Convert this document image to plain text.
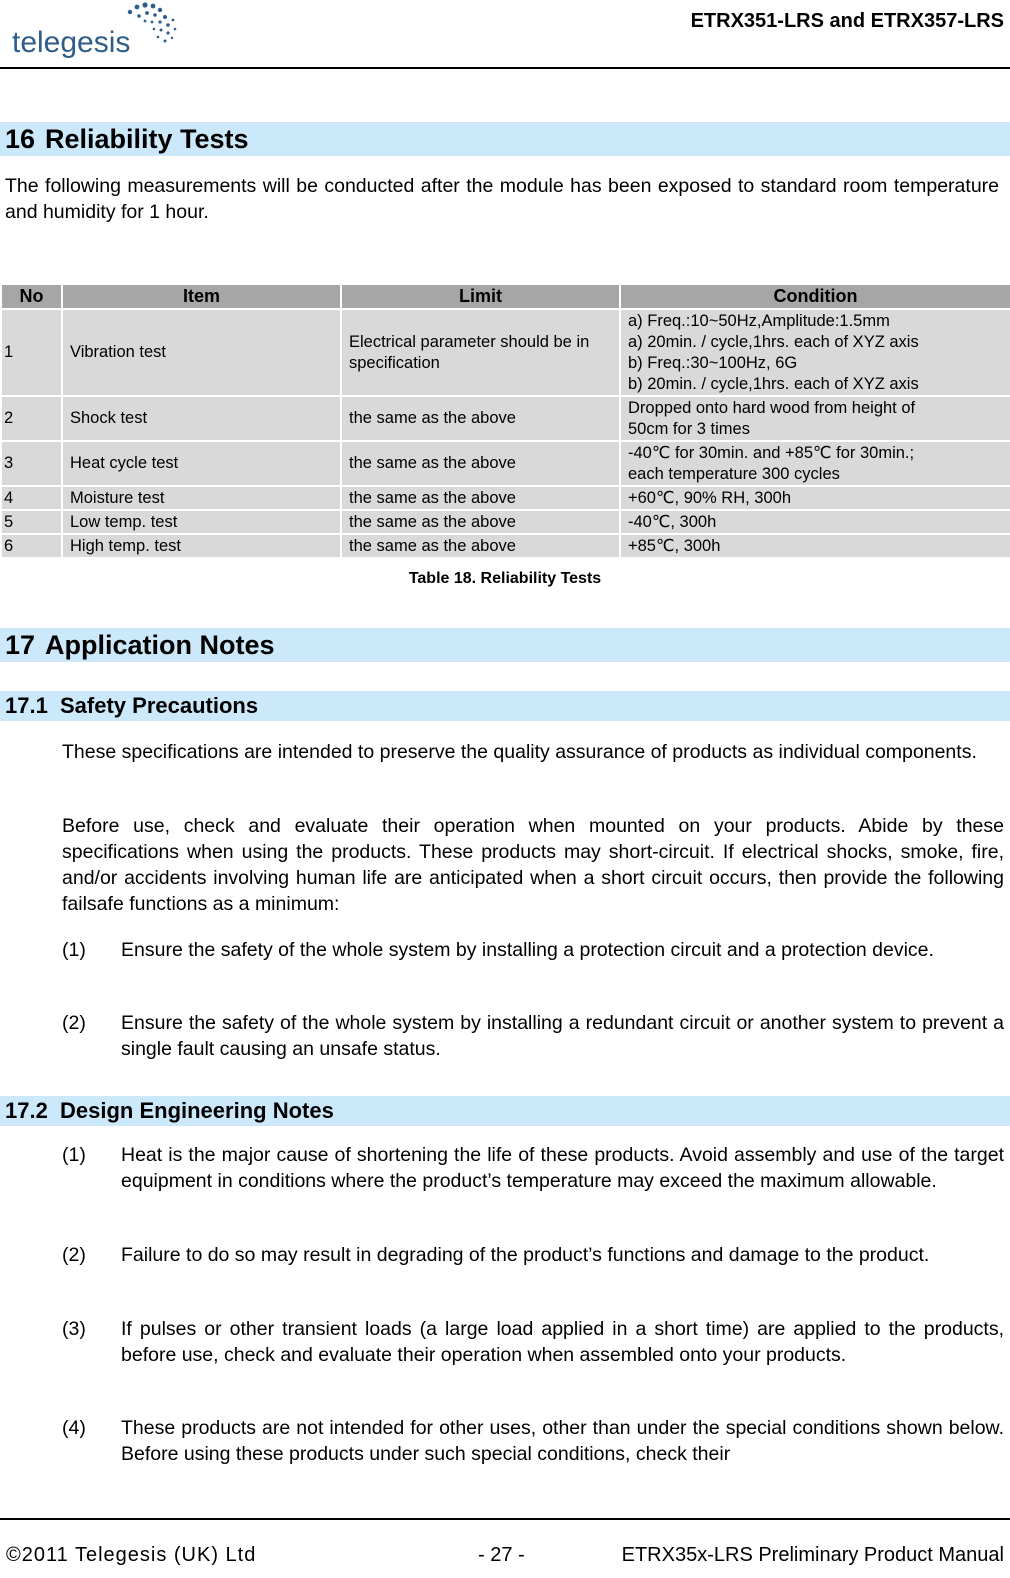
telegesis
ETRX351-LRS and ETRX357-LRS
16 Reliability Tests

The following measurements will be conducted after the module has been exposed to standard room temperature and humidity for 1 hour.

No	Item	Limit	Condition
1	Vibration test	Electrical parameter should be in specification	a) Freq.:10~50Hz,Amplitude:1.5mm
a) 20min. / cycle,1hrs. each of XYZ axis
b) Freq.:30~100Hz, 6G
b) 20min. / cycle,1hrs. each of XYZ axis

2	Shock test	the same as the above	Dropped onto hard wood from height of
50cm for 3 times

3	Heat cycle test	the same as the above	-40℃ for 30min. and +85℃ for 30min.;
each temperature 300 cycles

4	Moisture test	the same as the above	+60℃, 90% RH, 300h
5	Low temp. test	the same as the above	-40℃, 300h
6	High temp. test	the same as the above	+85℃, 300h
Table 18. Reliability Tests
17 Application Notes
17.1 Safety Precautions

These specifications are intended to preserve the quality assurance of products as individual components.

Before use, check and evaluate their operation when mounted on your products. Abide by these specifications when using the products. These products may short-circuit. If electrical shocks, smoke, fire, and/or accidents involving human life are anticipated when a short circuit occurs, then provide the following failsafe functions as a minimum:

(1) Ensure the safety of the whole system by installing a protection circuit and a protection device.
(2) Ensure the safety of the whole system by installing a redundant circuit or another system to prevent a single fault causing an unsafe status.
17.2 Design Engineering Notes
(1) Heat is the major cause of shortening the life of these products. Avoid assembly and use of the target equipment in conditions where the product’s temperature may exceed the maximum allowable.
(2) Failure to do so may result in degrading of the product’s functions and damage to the product.
(3) If pulses or other transient loads (a large load applied in a short time) are applied to the products, before use, check and evaluate their operation when assembled onto your products.
(4) These products are not intended for other uses, other than under the special conditions shown below. Before using these products under such special conditions, check their
©2011 Telegesis (UK) Ltd	- 27 -	ETRX35x-LRS Preliminary Product Manual
